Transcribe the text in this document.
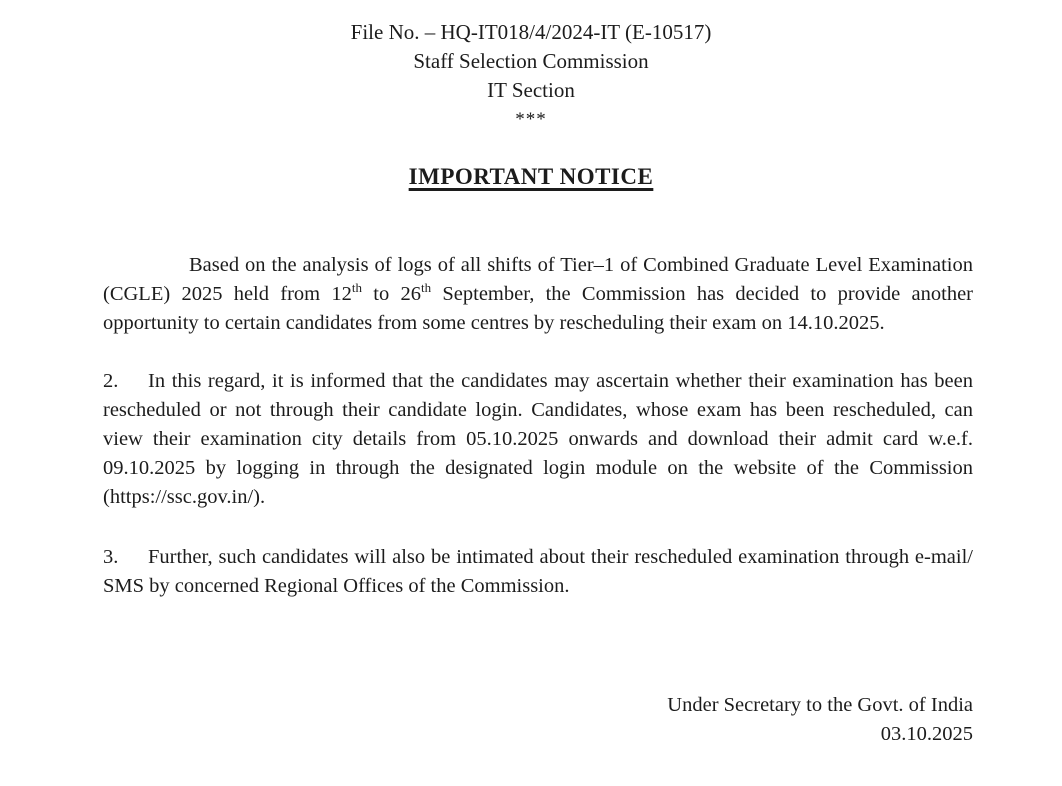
File No. – HQ-IT018/4/2024-IT (E-10517)
Staff Selection Commission
IT Section
***
IMPORTANT NOTICE

Based on the analysis of logs of all shifts of Tier–1 of Combined Graduate Level Examination (CGLE) 2025 held from 12th to 26th September, the Commission has decided to provide another opportunity to certain candidates from some centres by rescheduling their exam on 14.10.2025.

2. In this regard, it is informed that the candidates may ascertain whether their examination has been rescheduled or not through their candidate login. Candidates, whose exam has been rescheduled, can view their examination city details from 05.10.2025 onwards and download their admit card w.e.f. 09.10.2025 by logging in through the designated login module on the website of the Commission (https://ssc.gov.in/).

3. Further, such candidates will also be intimated about their rescheduled examination through e-mail/ SMS by concerned Regional Offices of the Commission.

Under Secretary to the Govt. of India
03.10.2025
